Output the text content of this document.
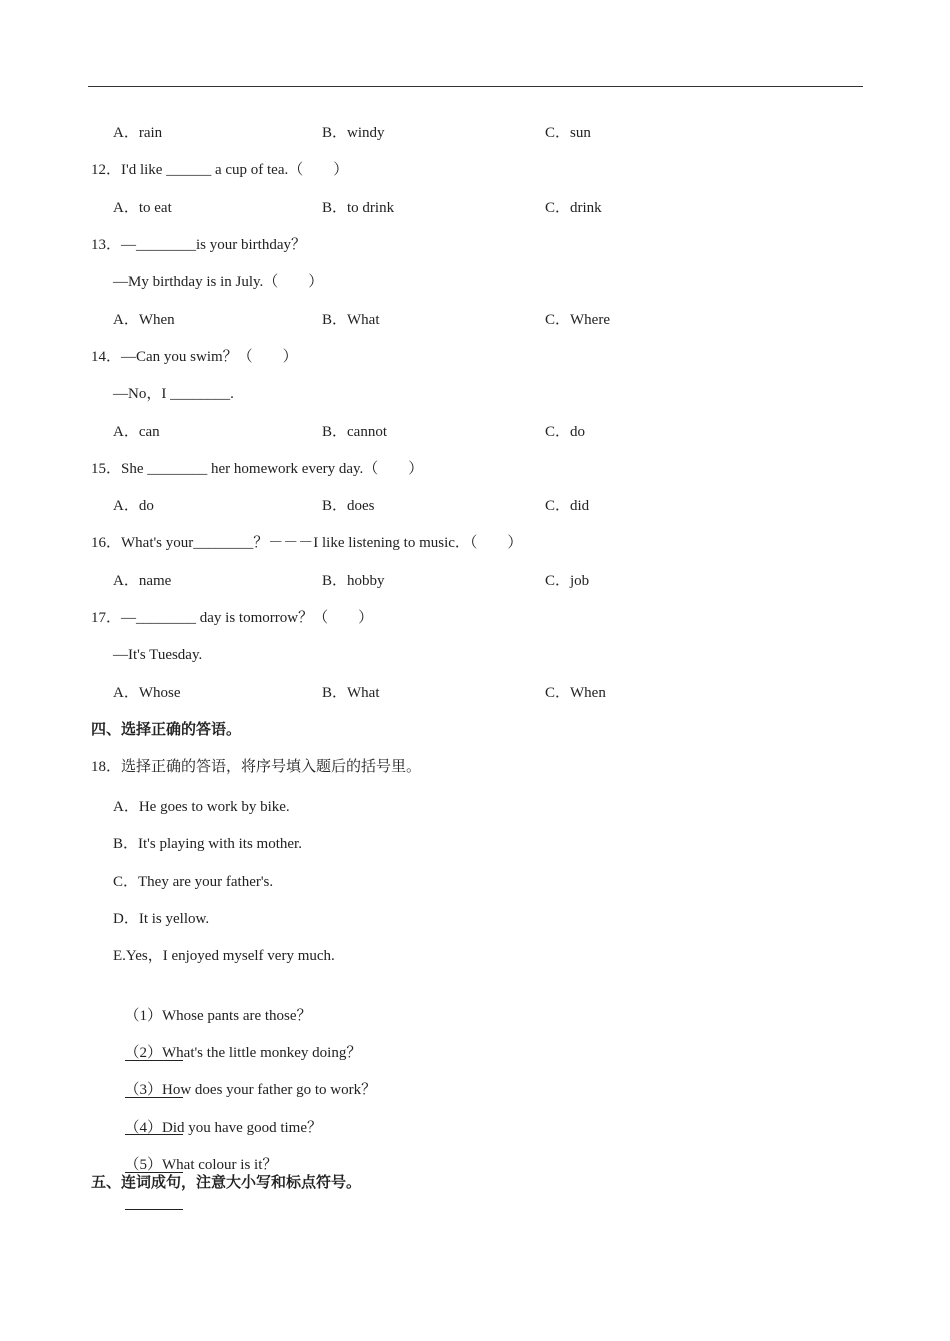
A．rain	B．windy	C．sun
12．I'd like ______ a cup of tea.（　　）
A．to eat	B．to drink	C．drink
13．—________is your birthday？
—My birthday is in July.（　　）
A．When	B．What	C．Where
14．—Can you swim？（　　）
—No，I ________.
A．can	B．cannot	C．do
15．She ________ her homework every day.（　　）
A．do	B．does	C．did
16．What's your________？－－－I like listening to music．（　　）
A．name	B．hobby	C．job
17．—________ day is tomorrow？（　　）
—It's Tuesday.
A．Whose	B．What	C．When
四、选择正确的答语。
18．选择正确的答语，将序号填入题后的括号里。
A．He goes to work by bike.
B．It's playing with its mother.
C．They are your father's.
D．It is yellow.
E.Yes，I enjoyed myself very much.

（1）Whose pants are those？

（2）What's the little monkey doing？

（3）How does your father go to work？

（4）Did you have good time？

（5）What colour is it？

五、连词成句，注意大小写和标点符号。
